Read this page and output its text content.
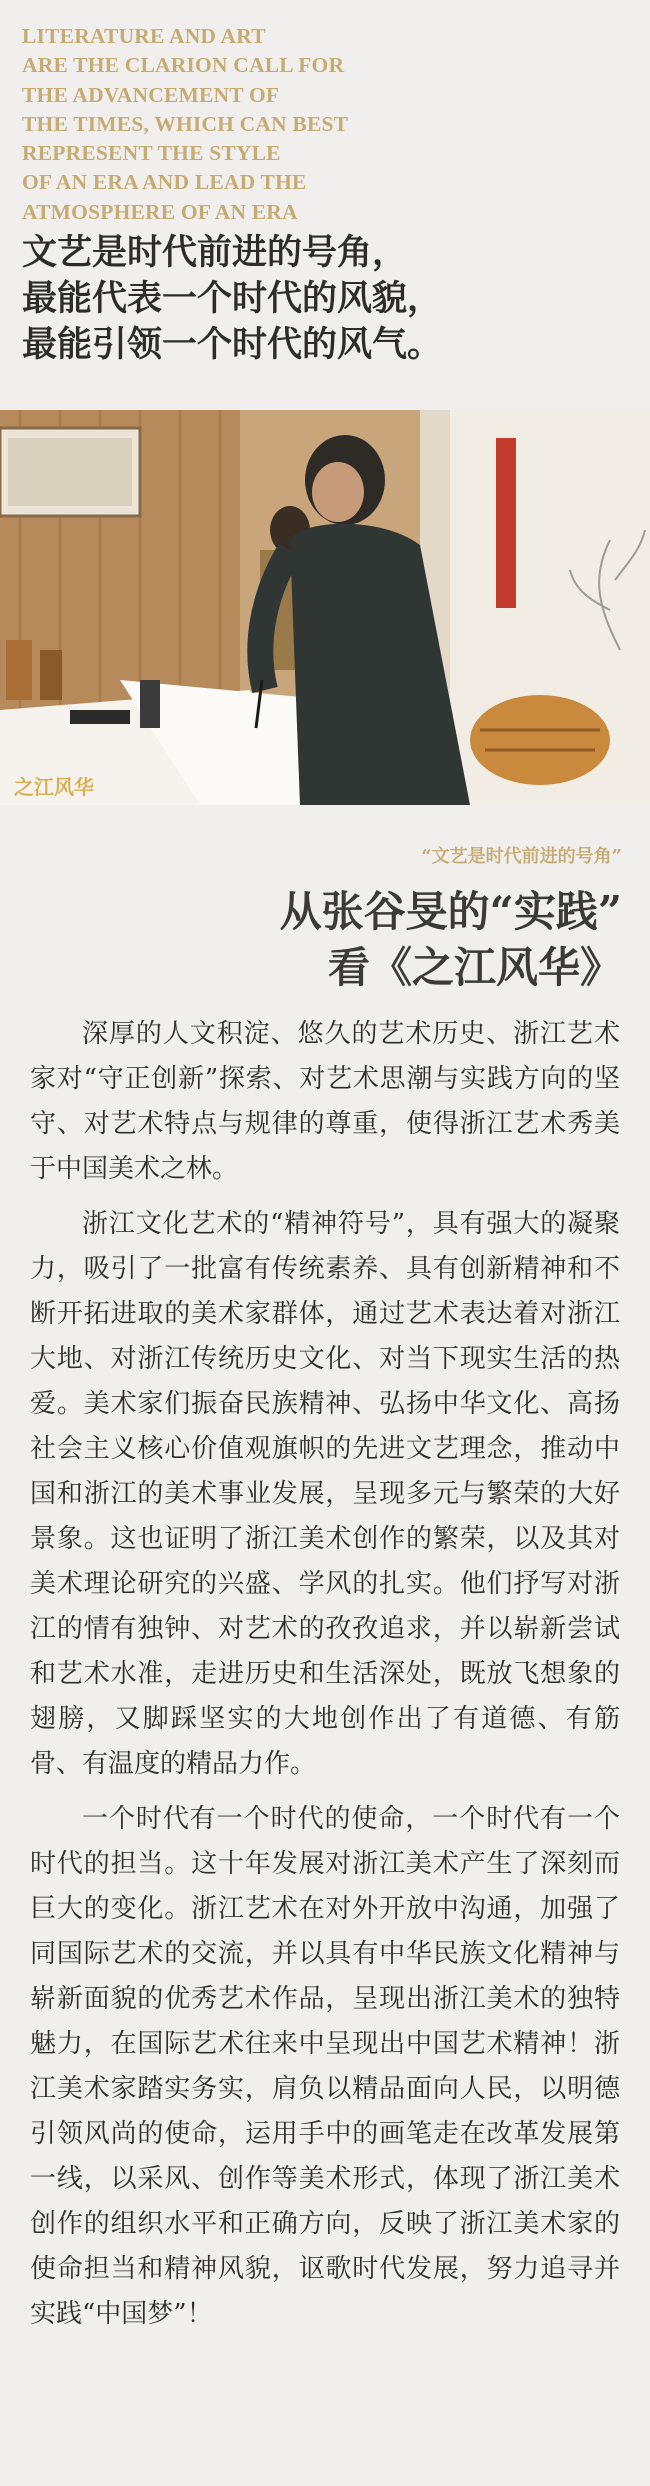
LITERATURE AND ART
ARE THE CLARION CALL FOR
THE ADVANCEMENT OF
THE TIMES, WHICH CAN BEST
REPRESENT THE STYLE
OF AN ERA AND LEAD THE
ATMOSPHERE OF AN ERA
文艺是时代前进的号角，
最能代表一个时代的风貌，
最能引领一个时代的风气。
之江风华
“文艺是时代前进的号角”
从张谷旻的“实践”
看《之江风华》

深厚的人文积淀、悠久的艺术历史、浙江艺术家对“守正创新”探索、对艺术思潮与实践方向的坚守、对艺术特点与规律的尊重，使得浙江艺术秀美于中国美术之林。

浙江文化艺术的“精神符号”，具有强大的凝聚力，吸引了一批富有传统素养、具有创新精神和不断开拓进取的美术家群体，通过艺术表达着对浙江大地、对浙江传统历史文化、对当下现实生活的热爱。美术家们振奋民族精神、弘扬中华文化、高扬社会主义核心价值观旗帜的先进文艺理念，推动中国和浙江的美术事业发展，呈现多元与繁荣的大好景象。这也证明了浙江美术创作的繁荣，以及其对美术理论研究的兴盛、学风的扎实。他们抒写对浙江的情有独钟、对艺术的孜孜追求，并以崭新尝试和艺术水准，走进历史和生活深处，既放飞想象的翅膀，又脚踩坚实的大地创作出了有道德、有筋骨、有温度的精品力作。

一个时代有一个时代的使命，一个时代有一个时代的担当。这十年发展对浙江美术产生了深刻而巨大的变化。浙江艺术在对外开放中沟通，加强了同国际艺术的交流，并以具有中华民族文化精神与崭新面貌的优秀艺术作品，呈现出浙江美术的独特魅力，在国际艺术往来中呈现出中国艺术精神！浙江美术家踏实务实，肩负以精品面向人民，以明德引领风尚的使命，运用手中的画笔走在改革发展第一线，以采风、创作等美术形式，体现了浙江美术创作的组织水平和正确方向，反映了浙江美术家的使命担当和精神风貌，讴歌时代发展，努力追寻并实践“中国梦”！
